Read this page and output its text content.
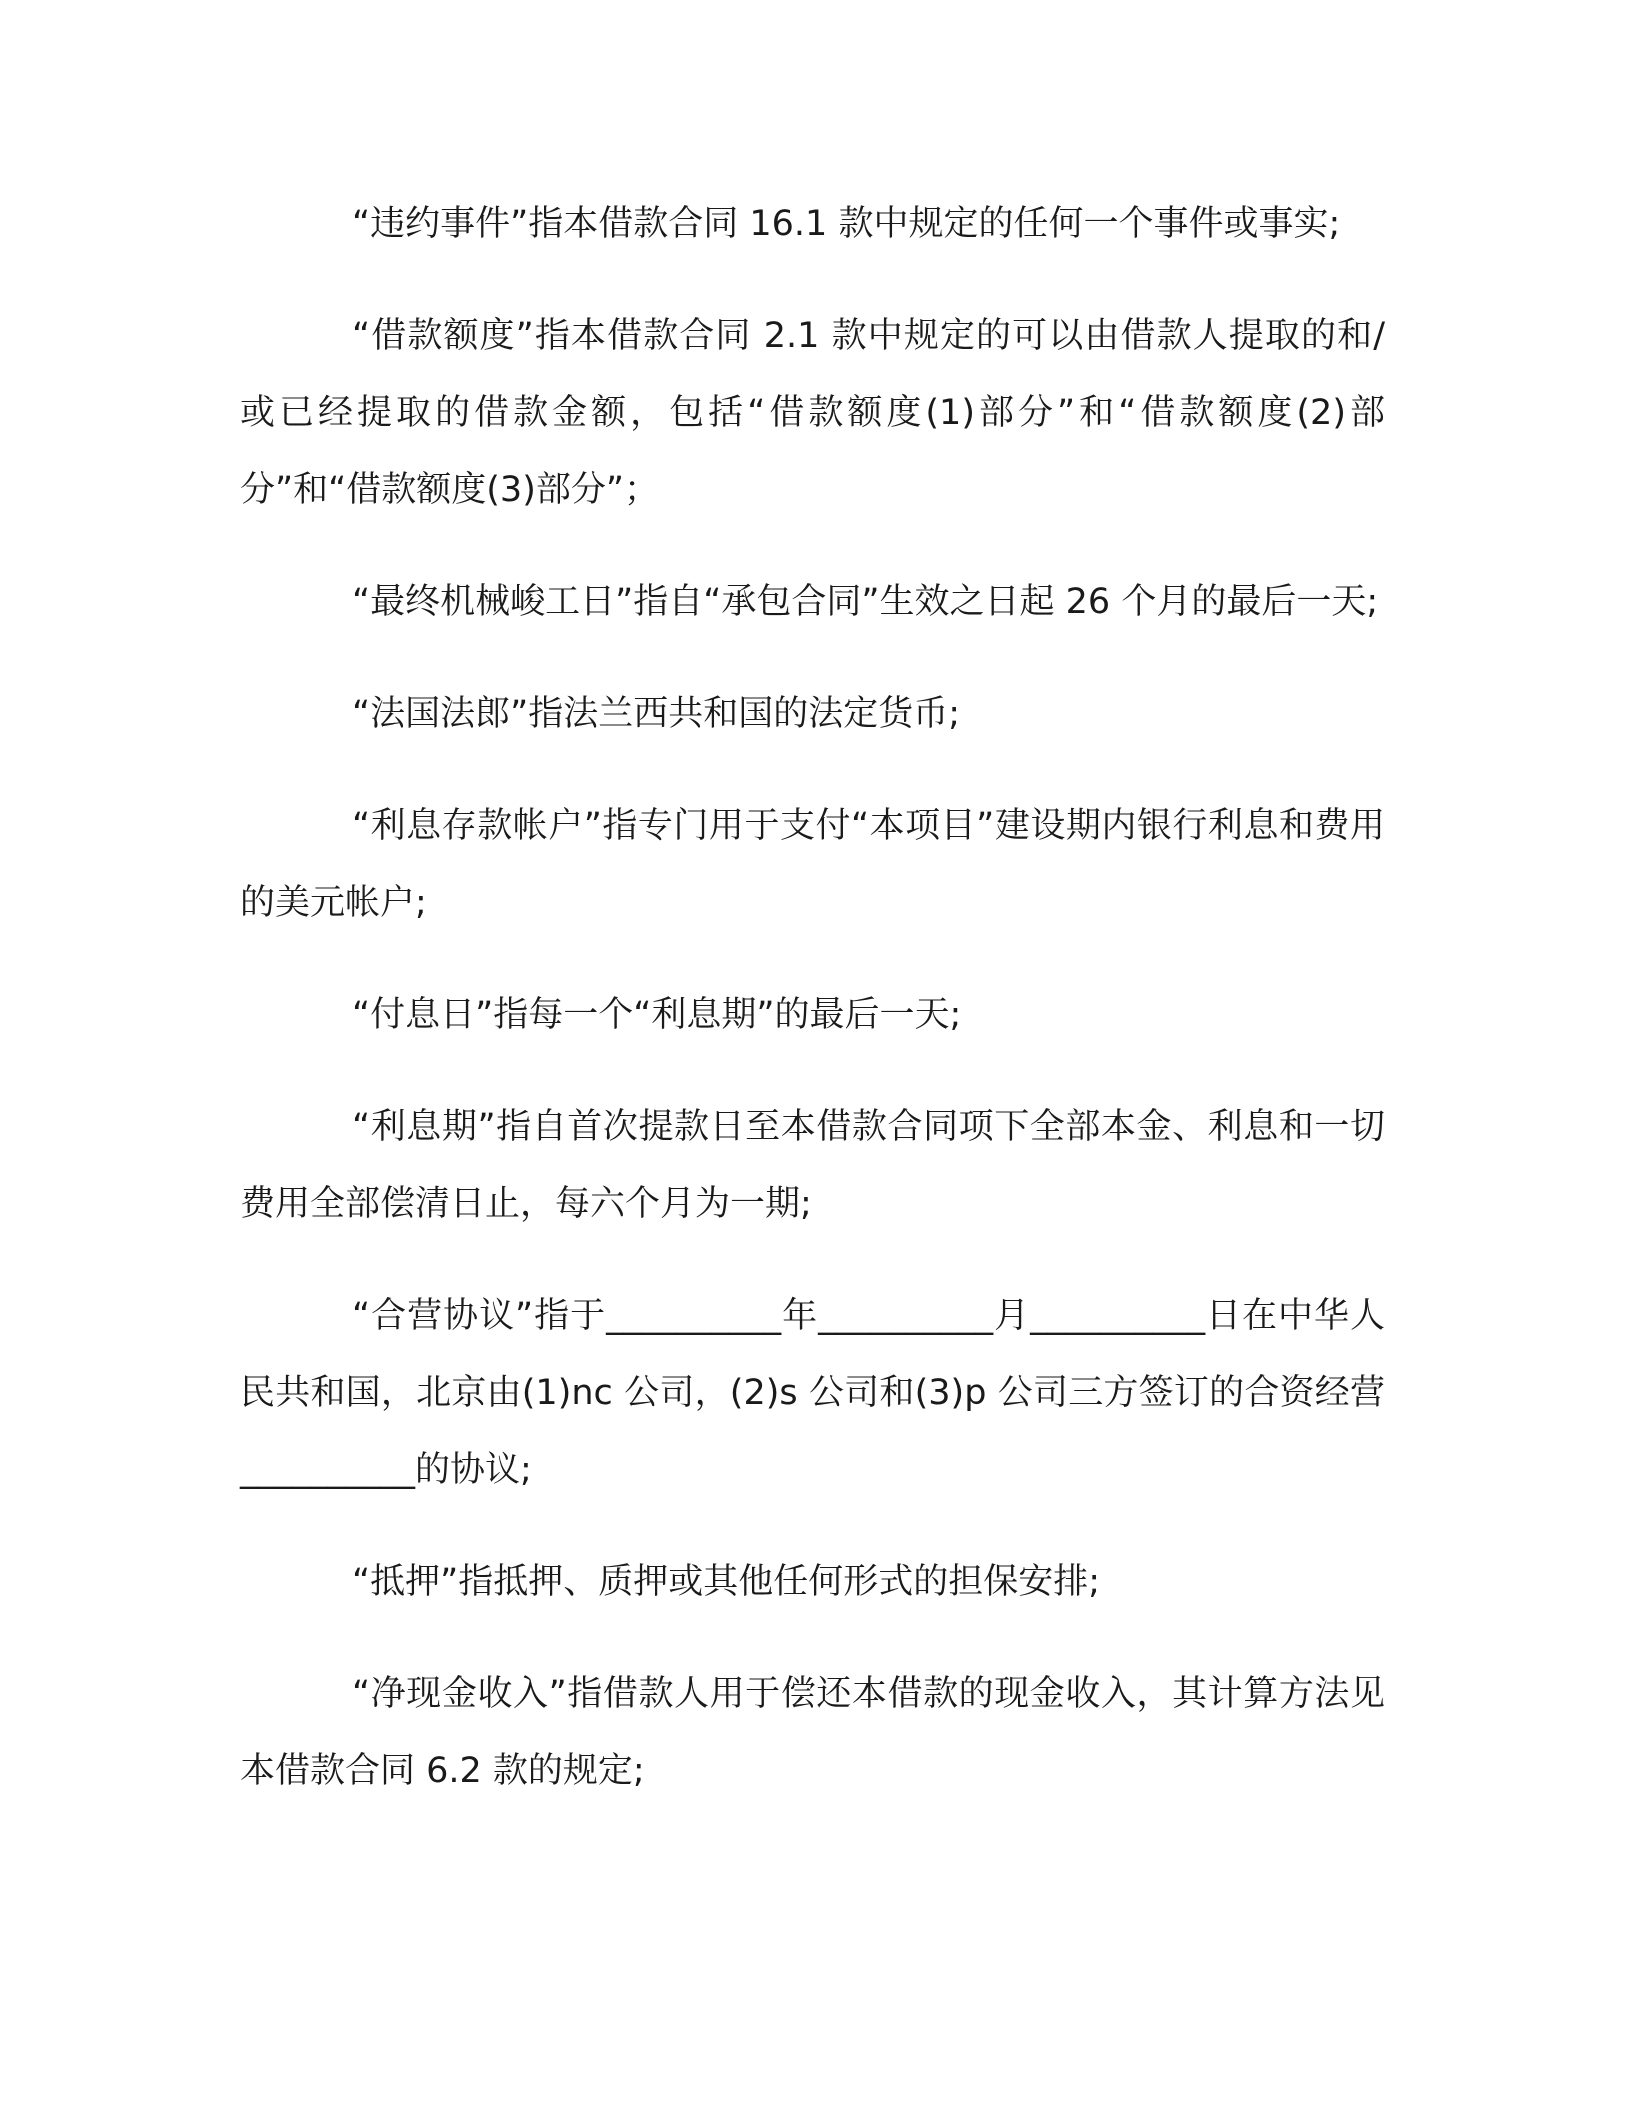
“违约事件”指本借款合同 16.1 款中规定的任何一个事件或事实;

“借款额度”指本借款合同 2.1 款中规定的可以由借款人提取的和/或已经提取的借款金额，包括“借款额度(1)部分”和“借款额度(2)部分”和“借款额度(3)部分”；

“最终机械峻工日”指自“承包合同”生效之日起 26 个月的最后一天;

“法国法郎”指法兰西共和国的法定货币;

“利息存款帐户”指专门用于支付“本项目”建设期内银行利息和费用的美元帐户;

“付息日”指每一个“利息期”的最后一天;

“利息期”指自首次提款日至本借款合同项下全部本金、利息和一切费用全部偿清日止，每六个月为一期;

“合营协议”指于__________年__________月__________日在中华人民共和国，北京由(1)nc 公司，(2)s 公司和(3)p 公司三方签订的合资经营__________的协议;

“抵押”指抵押、质押或其他任何形式的担保安排;

“净现金收入”指借款人用于偿还本借款的现金收入，其计算方法见本借款合同 6.2 款的规定;
